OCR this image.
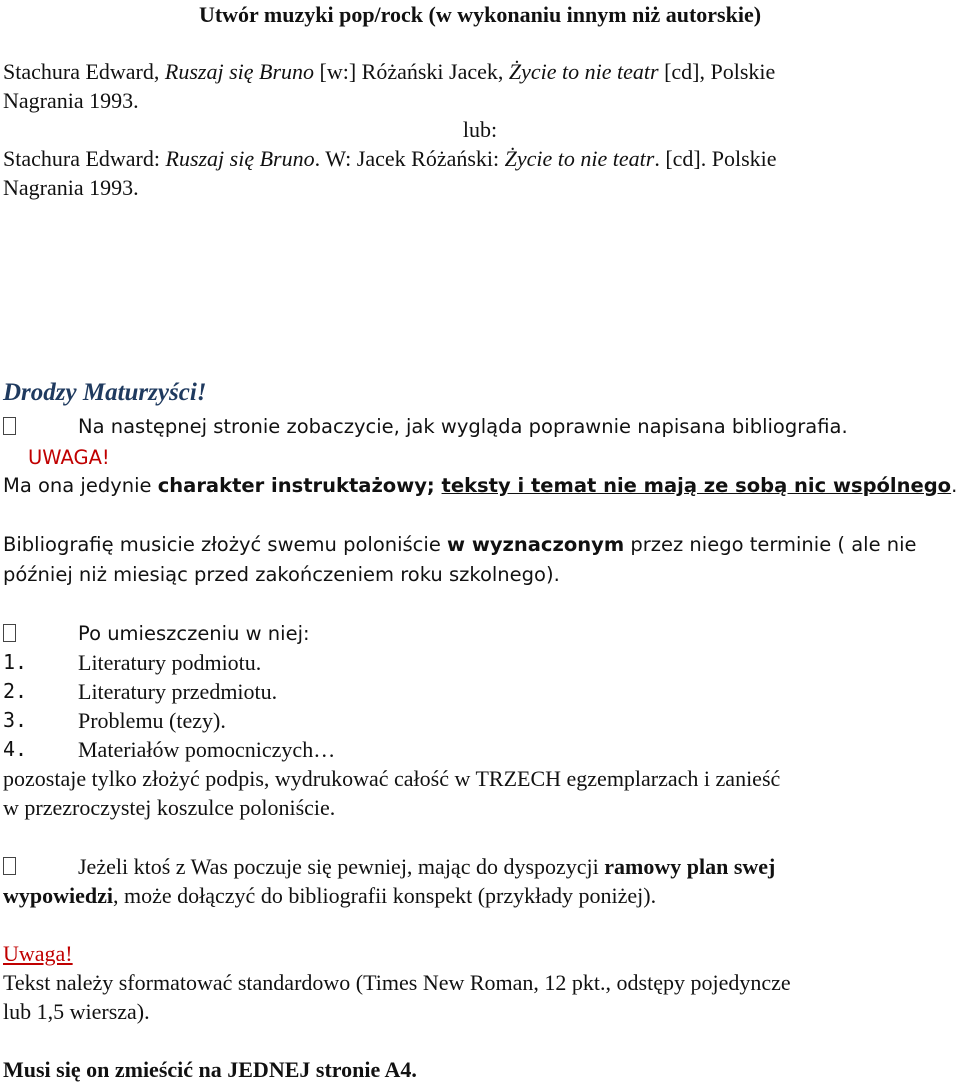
Utwór muzyki pop/rock (w wykonaniu innym niż autorskie)
Stachura Edward, Ruszaj się Bruno [w:] Różański Jacek, Życie to nie teatr [cd], Polskie
Nagrania 1993.
lub:
Stachura Edward: Ruszaj się Bruno. W: Jacek Różański: Życie to nie teatr. [cd]. Polskie
Nagrania 1993.
Drodzy Maturzyści!
Na następnej stronie zobaczycie, jak wygląda poprawnie napisana bibliografia.
UWAGA!
Ma ona jedynie charakter instruktażowy; teksty i temat nie mają ze sobą nic wspólnego.
Bibliografię musicie złożyć swemu poloniście w wyznaczonym przez niego terminie ( ale nie
później niż miesiąc przed zakończeniem roku szkolnego).
Po umieszczeniu w niej:
1. Literatury podmiotu.
2. Literatury przedmiotu.
3. Problemu (tezy).
4. Materiałów pomocniczych…
pozostaje tylko złożyć podpis, wydrukować całość w TRZECH egzemplarzach i zanieść
w przezroczystej koszulce poloniście.
Jeżeli ktoś z Was poczuje się pewniej, mając do dyspozycji ramowy plan swej
wypowiedzi, może dołączyć do bibliografii konspekt (przykłady poniżej).
Uwaga!
Tekst należy sformatować standardowo (Times New Roman, 12 pkt., odstępy pojedyncze
lub 1,5 wiersza).
Musi się on zmieścić na JEDNEJ stronie A4.
